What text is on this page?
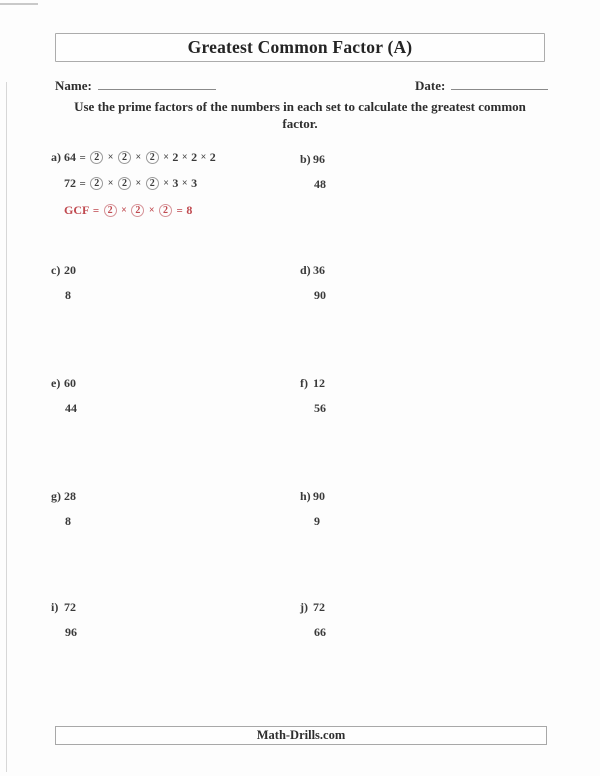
Greatest Common Factor (A)
Name:	Date:
Use the prime factors of the numbers in each set to calculate the greatest common
factor.
a) 64 = 2 × 2 × 2 × 2 × 2 × 2
72 = 2 × 2 × 2 × 3 × 3
GCF = 2 × 2 × 2 = 8
b) 96
48
c) 20
8
d) 36
90
e) 60
44
f) 12
56
g) 28
8
h) 90
9
i) 72
96
j) 72
66
Math-Drills.com
